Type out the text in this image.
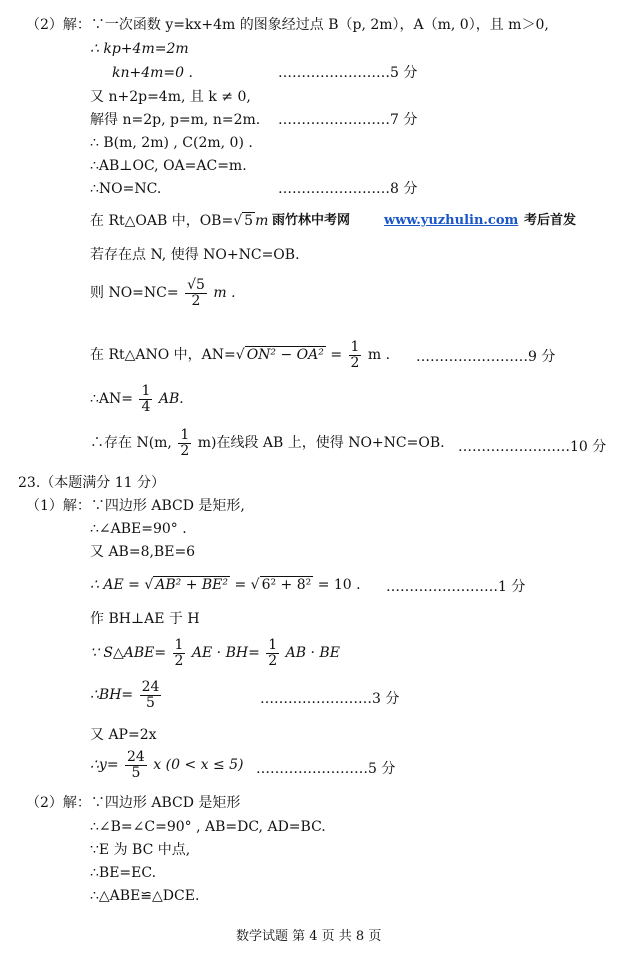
（2）解：∵一次函数 y=kx+4m 的图象经过点 B（p, 2m），A（m, 0），且 m＞0,
∴ kp+4m=2m
kn+4m=0 .	……………………5 分
又 n+2p=4m, 且 k ≠ 0,
解得 n=2p, p=m, n=2m. ……………………7 分
∴ B(m, 2m) , C(2m, 0) .
∴AB⊥OC, OA=AC=m.
∴NO=NC.	……………………8 分
在 Rt△OAB 中，OB=√ 5 m .
雨竹林中考网	www.yuzhulin.com 考后首发
若存在点 N, 使得 NO+NC=OB.
则 $NO=NC= \frac{√5}{2}$ m .
在 Rt△ANO 中，AN=√ $ON^2 - OA^2 = \frac{1}{2}$ m . ……………………9 分
∴AN= $\frac{1}{4}$ AB.
∴存在 N(m, $\frac{1}{2} m$)在线段 AB 上，使得 NO+NC=OB. ……………………10 分
23.（本题满分 11 分）
（1）解：∵四边形 ABCD 是矩形,
∴∠ABE=90° .
又 AB=8,BE=6
∴ AE = √ AB² + BE² = √ 6² + 8² = 10 . ……………………1 分
作 BH⊥AE 于 H
∵ S△ABE= $\frac{1}{2}$ AE · $BH= \frac{1}{2}$ AB · BE
∴BH= $\frac{24}{5}$	……………………3 分
又 AP=2x
∴y= $\frac{24}{5}$ x (0 < x ≤ 5) ……………………5 分
（2）解：∵四边形 ABCD 是矩形
∴∠B=∠C=90° , AB=DC, AD=BC.
∵E 为 BC 中点,
∴BE=EC.
∴△ABE≌△DCE.
数学试题 第 4 页 共 8 页
